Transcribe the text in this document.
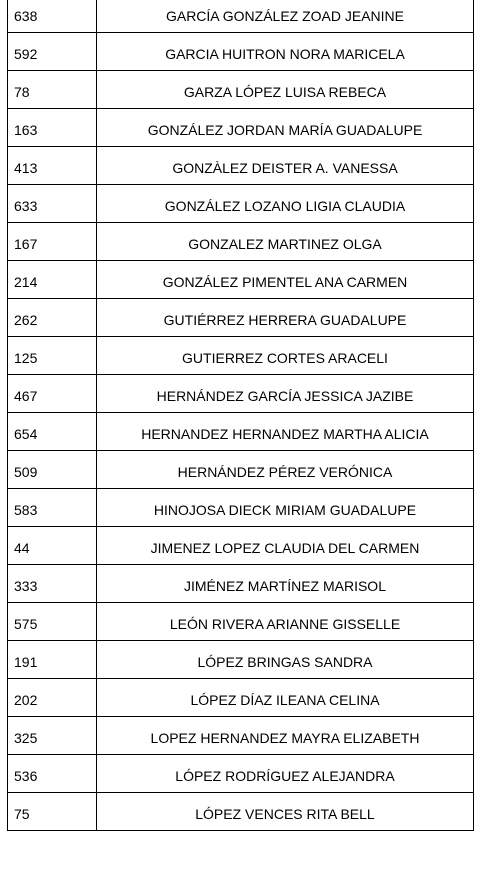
638	GARCÍA GONZÁLEZ ZOAD JEANINE
592	GARCIA HUITRON NORA MARICELA
78	GARZA LÓPEZ LUISA REBECA
163	GONZÁLEZ JORDAN MARÍA GUADALUPE
413	GONZÀLEZ DEISTER A. VANESSA
633	GONZÁLEZ LOZANO LIGIA CLAUDIA
167	GONZALEZ MARTINEZ OLGA
214	GONZÁLEZ PIMENTEL ANA CARMEN
262	GUTIÉRREZ HERRERA GUADALUPE
125	GUTIERREZ CORTES ARACELI
467	HERNÁNDEZ GARCÍA JESSICA JAZIBE
654	HERNANDEZ HERNANDEZ MARTHA ALICIA
509	HERNÁNDEZ PÉREZ VERÓNICA
583	HINOJOSA DIECK MIRIAM GUADALUPE
44	JIMENEZ LOPEZ CLAUDIA DEL CARMEN
333	JIMÉNEZ MARTÍNEZ MARISOL
575	LEÓN RIVERA ARIANNE GISSELLE
191	LÓPEZ BRINGAS SANDRA
202	LÓPEZ DÍAZ ILEANA CELINA
325	LOPEZ HERNANDEZ MAYRA ELIZABETH
536	LÓPEZ RODRÍGUEZ ALEJANDRA
75	LÓPEZ VENCES RITA BELL
